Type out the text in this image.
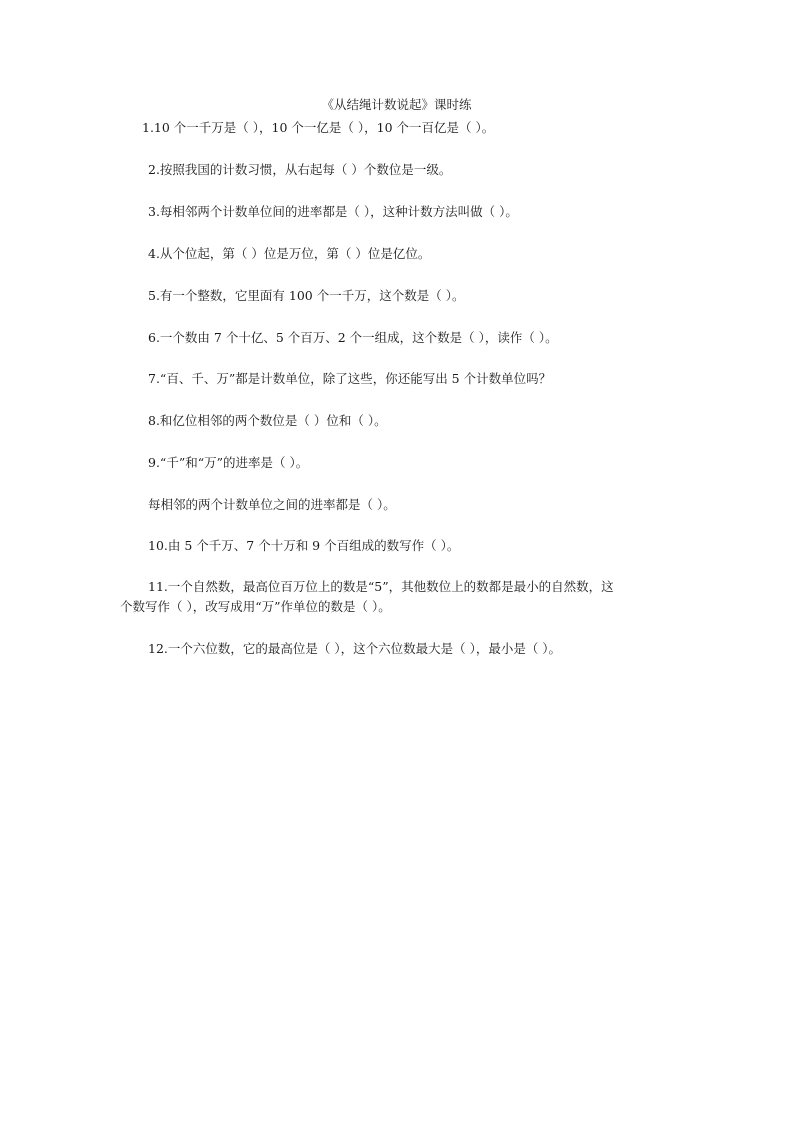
《从结绳计数说起》课时练
1.10 个一千万是（ ），10 个一亿是（ ），10 个一百亿是（ ）。
2.按照我国的计数习惯，从右起每（ ）个数位是一级。
3.每相邻两个计数单位间的进率都是（ ），这种计数方法叫做（ ）。
4.从个位起，第（ ）位是万位，第（ ）位是亿位。
5.有一个整数，它里面有 100 个一千万，这个数是（ ）。
6.一个数由 7 个十亿、5 个百万、2 个一组成，这个数是（ ），读作（ ）。
7.“百、千、万”都是计数单位，除了这些，你还能写出 5 个计数单位吗？
8.和亿位相邻的两个数位是（ ）位和（ ）。
9.“千”和“万”的进率是（ ）。
每相邻的两个计数单位之间的进率都是（ ）。
10.由 5 个千万、7 个十万和 9 个百组成的数写作（ ）。
11.一个自然数，最高位百万位上的数是“5”，其他数位上的数都是最小的自然数，这
个数写作（ ），改写成用“万”作单位的数是（ ）。
12.一个六位数，它的最高位是（ ），这个六位数最大是（ ），最小是（ ）。
